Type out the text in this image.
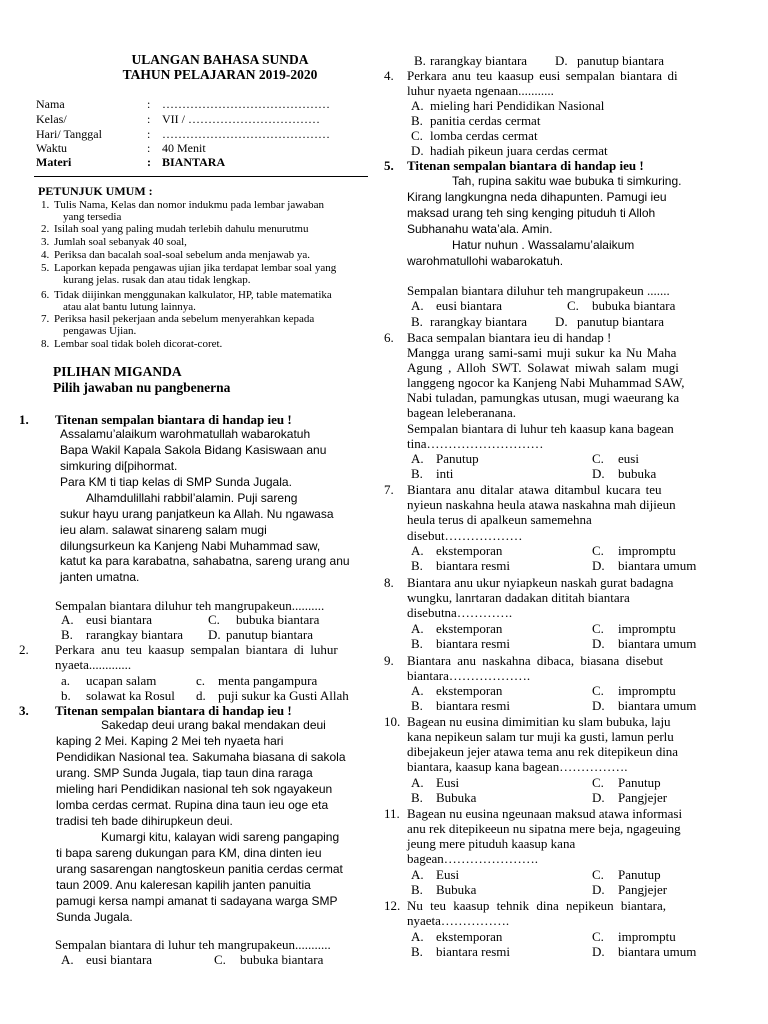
ULANGAN BAHASA SUNDA
TAHUN PELAJARAN 2019-2020
Nama	: ……………………………………
Kelas/	: VII / ……………………………
Hari/ Tanggal	: ……………………………………
Waktu	: 40 Menit
Materi	: BIANTARA
PETUNJUK UMUM :
1. Tulis Nama, Kelas dan nomor indukmu pada lembar jawaban
yang tersedia
2. Isilah soal yang paling mudah terlebih dahulu menurutmu
3. Jumlah soal sebanyak 40 soal,
4. Periksa dan bacalah soal-soal sebelum anda menjawab ya.
5. Laporkan kepada pengawas ujian jika terdapat lembar soal yang
kurang jelas. rusak dan atau tidak lengkap.
6. Tidak diijinkan menggunakan kalkulator, HP, table matematika
atau alat bantu lutung lainnya.
7. Periksa hasil pekerjaan anda sebelum menyerahkan kepada
pengawas Ujian.
8. Lembar soal tidak boleh dicorat-coret.
PILIHAN MIGANDA
Pilih jawaban nu pangbenerna
1. Titenan sempalan biantara di handap ieu !
Assalamu’alaikum warohmatullah wabarokatuh
Bapa Wakil Kapala Sakola Bidang Kasiswaan anu
simkuring di[pihormat.
Para KM ti tiap kelas di SMP Sunda Jugala.
Alhamdulillahi rabbil’alamin. Puji sareng
sukur hayu urang panjatkeun ka Allah. Nu ngawasa
ieu alam. salawat sinareng salam mugi
dilungsurkeun ka Kanjeng Nabi Muhammad saw,
katut ka para karabatna, sahabatna, sareng urang anu
janten umatna.
Sempalan biantara diluhur teh mangrupakeun..........
A. eusi biantara	C. bubuka biantara
B. rarangkay biantara D. panutup biantara
2. Perkara anu teu kaasup sempalan biantara di luhur
nyaeta.............
a. ucapan salam	c. menta pangampura
b. solawat ka Rosul d. puji sukur ka Gusti Allah
3. Titenan sempalan biantara di handap ieu !
Sakedap deui urang bakal mendakan deui
kaping 2 Mei. Kaping 2 Mei teh nyaeta hari
Pendidikan Nasional tea. Sakumaha biasana di sakola
urang. SMP Sunda Jugala, tiap taun dina raraga
mieling hari Pendidikan nasional teh sok ngayakeun
lomba cerdas cermat. Rupina dina taun ieu oge eta
tradisi teh bade dihirupkeun deui.
Kumargi kitu, kalayan widi sareng pangaping
ti bapa sareng dukungan para KM, dina dinten ieu
urang sasarengan nangtoskeun panitia cerdas cermat
taun 2009. Anu kaleresan kapilih janten panuitia
pamugi kersa nampi amanat ti sadayana warga SMP
Sunda Jugala.
Sempalan biantara di luhur teh mangrupakeun...........
A. eusi biantara	C. bubuka biantara
B. rarangkay biantara D. panutup biantara
4. Perkara anu teu kaasup eusi sempalan biantara di
luhur nyaeta ngenaan...........
A. mieling hari Pendidikan Nasional
B. panitia cerdas cermat
C. lomba cerdas cermat
D. hadiah pikeun juara cerdas cermat
5. Titenan sempalan biantara di handap ieu !
Tah, rupina sakitu wae bubuka ti simkuring.
Kirang langkungna neda dihapunten. Pamugi ieu
maksad urang teh sing kenging pituduh ti Alloh
Subhanahu wata’ala. Amin.
Hatur nuhun . Wassalamu’alaikum
warohmatullohi wabarokatuh.
Sempalan biantara diluhur teh mangrupakeun .......
A. eusi biantara	C. bubuka biantara
B. rarangkay biantara D. panutup biantara
6. Baca sempalan biantara ieu di handap !
Mangga urang sami-sami muji sukur ka Nu Maha
Agung , Alloh SWT. Solawat miwah salam mugi
langgeng ngocor ka Kanjeng Nabi Muhammad SAW,
Nabi tuladan, pamungkas utusan, mugi waeurang ka
bagean leleberanana.
Sempalan biantara di luhur teh kaasup kana bagean
tina………………………
A. Panutup	C. eusi
B. inti	D. bubuka
7. Biantara anu ditalar atawa ditambul kucara teu
nyieun naskahna heula atawa naskahna mah dijieun
heula terus di apalkeun samemehna
disebut………………
A. ekstemporan	C. impromptu
B. biantara resmi	D. biantara umum
8. Biantara anu ukur nyiapkeun naskah gurat badagna
wungku, lanrtaran dadakan dititah biantara
disebutna………….
A. ekstemporan	C. impromptu
B. biantara resmi	D. biantara umum
9. Biantara anu naskahna dibaca, biasana disebut
biantara……………….
A. ekstemporan	C. impromptu
B. biantara resmi	D. biantara umum
10. Bagean nu eusina dimimitian ku slam bubuka, laju
kana nepikeun salam tur muji ka gusti, lamun perlu
dibejakeun jejer atawa tema anu rek ditepikeun dina
biantara, kaasup kana bagean…………….
A. Eusi	C. Panutup
B. Bubuka	D. Pangjejer
11. Bagean nu eusina ngeunaan maksud atawa informasi
anu rek ditepikeeun nu sipatna mere beja, ngageuing
jeung mere pituduh kaasup kana
bagean………………….
A. Eusi	C. Panutup
B. Bubuka	D. Pangjejer
12. Nu teu kaasup tehnik dina nepikeun biantara,
nyaeta…………….
A. ekstemporan	C. impromptu
B. biantara resmi	D. biantara umum
